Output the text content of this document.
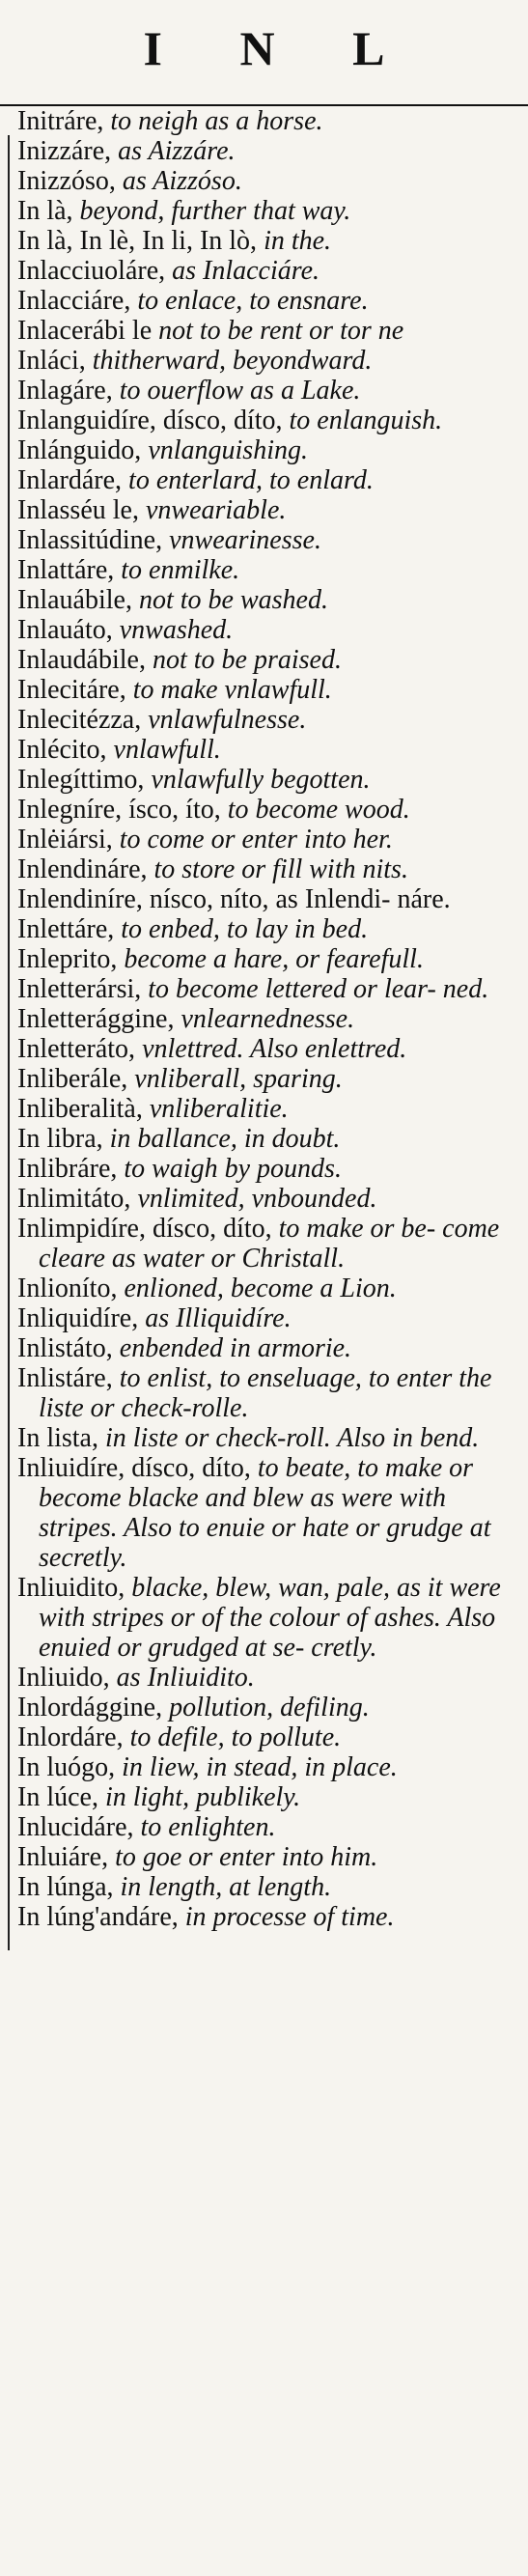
I N L

Initráre, to neigh as a horse.

Inizzáre, as Aizzáre.

Inizzóso, as Aizzóso.

In là, beyond, further that way.

In là, In lè, In li, In lò, in the.

Inlacciuoláre, as Inlacciáre.

Inlacciáre, to enlace, to ensnare.

Inlacerábi le not to be rent or tor ne

Inláci, thitherward, beyondward.

Inlagáre, to ouerflow as a Lake.

Inlanguidíre, dísco, díto, to enlanguish.

Inlánguido, vnlanguishing.

Inlardáre, to enterlard, to enlard.

Inlasséu le, vnweariable.

Inlassitúdine, vnwearinesse.

Inlattáre, to enmilke.

Inlauábile, not to be washed.

Inlauáto, vnwashed.

Inlaudábile, not to be praised.

Inlecitáre, to make vnlawfull.

Inlecitézza, vnlawfulnesse.

Inlécito, vnlawfull.

Inlegíttimo, vnlawfully begotten.

Inlegníre, ísco, íto, to become wood.

Inlėiársi, to come or enter into her.

Inlendináre, to store or fill with nits.

Inlendiníre, nísco, níto, as Inlendi- náre.

Inlettáre, to enbed, to lay in bed.

Inleprito, become a hare, or fearefull.

Inletterársi, to become lettered or lear- ned.

Inletterággine, vnlearnednesse.

Inletteráto, vnlettred. Also enlettred.

Inliberále, vnliberall, sparing.

Inliberalità, vnliberalitie.

In libra, in ballance, in doubt.

Inlibráre, to waigh by pounds.

Inlimitáto, vnlimited, vnbounded.

Inlimpidíre, dísco, díto, to make or be- come cleare as water or Christall.

Inlioníto, enlioned, become a Lion.

Inliquidíre, as Illiquidíre.

Inlistáto, enbended in armorie.

Inlistáre, to enlist, to enseluage, to enter the liste or check-rolle.

In lista, in liste or check-roll. Also in bend.

Inliuidíre, dísco, díto, to beate, to make or become blacke and blew as were with stripes. Also to enuie or hate or grudge at secretly.

Inliuidito, blacke, blew, wan, pale, as it were with stripes or of the colour of ashes. Also enuied or grudged at se- cretly.

Inliuido, as Inliuidito.

Inlordággine, pollution, defiling.

Inlordáre, to defile, to pollute.

In luógo, in liew, in stead, in place.

In lúce, in light, publikely.

Inlucidáre, to enlighten.

Inluiáre, to goe or enter into him.

In lúnga, in length, at length.

In lúng'andáre, in processe of time.
